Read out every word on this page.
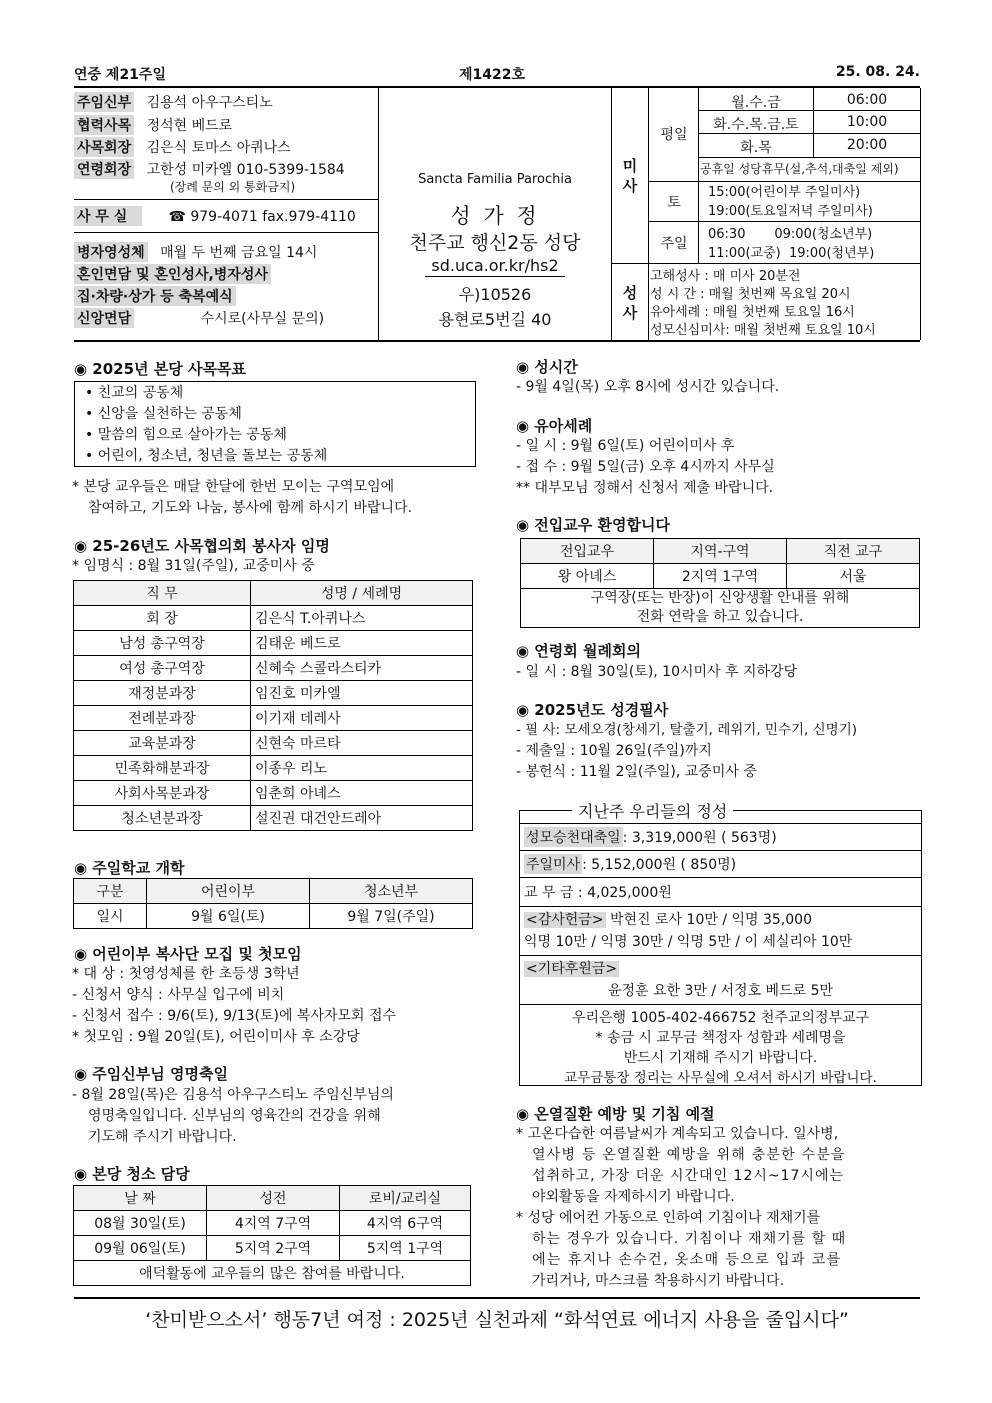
연중 제21주일	제1422호	25. 08. 24.
주임신부 김용석 아우구스티노
협력사목 정석현 베드로
사목회장 김은식 토마스 아퀴나스
연령회장 고한성 미카엘 010-5399-1584
(장례 문의 외 통화금지)
사 무 실	☎ 979-4071 fax.979-4110
병자영성체 매월 두 번째 금요일 14시
혼인면담 및 혼인성사,병자성사
집·차량·상가 등 축복예식
신앙면담	수시로(사무실 문의)
Sancta Familia Parochia
성 가 정
천주교 행신2동 성당
sd.uca.or.kr/hs2
우)10526
용현로5번길 40
미 사
평일
월.수.금	06:00
화.수.목.금.토	10:00
화.목	20:00
공휴일 성당휴무(설,추석,대축일 제외)
토
15:00(어린이부 주일미사)
19:00(토요일저녁 주일미사)
주일
06:30       09:00(청소년부)
11:00(교중)  19:00(청년부)
성 사
고해성사 : 매 미사 20분전
성 시 간 : 매월 첫번째 목요일 20시
유아세례 : 매월 첫번째 토요일 16시
성모신심미사: 매월 첫번째 토요일 10시
◉ 2025년 본당 사목목표
• 친교의 공동체
• 신앙을 실천하는 공동체
• 말씀의 힘으로 살아가는 공동체
• 어린이, 청소년, 청년을 돌보는 공동체
* 본당 교우들은 매달 한달에 한번 모이는 구역모임에
참여하고, 기도와 나눔, 봉사에 함께 하시기 바랍니다.
◉ 25-26년도 사목협의회 봉사자 임명
* 임명식 : 8월 31일(주일), 교중미사 중
직 무	성명 / 세례명
회 장	김은식 T.아퀴나스
남성 총구역장	김태운 베드로
여성 총구역장	신혜숙 스콜라스티카
재정분과장	임진호 미카엘
전례분과장	이기재 데레사
교육분과장	신현숙 마르타
민족화해분과장	이종우 리노
사회사목분과장	임춘희 아녜스
청소년분과장	설진권 대건안드레아
◉ 주일학교 개학
구분	어린이부	청소년부
일시	9월 6일(토)	9월 7일(주일)
◉ 어린이부 복사단 모집 및 첫모임
* 대 상 : 첫영성체를 한 초등생 3학년
- 신청서 양식 : 사무실 입구에 비치
- 신청서 접수 : 9/6(토), 9/13(토)에 복사자모회 접수
* 첫모임 : 9월 20일(토), 어린이미사 후 소강당
◉ 주임신부님 영명축일
- 8월 28일(목)은 김용석 아우구스티노 주임신부님의
영명축일입니다. 신부님의 영육간의 건강을 위해
기도해 주시기 바랍니다.
◉ 본당 청소 담당
날 짜	성전	로비/교리실
08월 30일(토)	4지역 7구역	4지역 6구역
09월 06일(토)	5지역 2구역	5지역 1구역
애덕활동에 교우들의 많은 참여를 바랍니다.		
◉ 성시간
- 9월 4일(목) 오후 8시에 성시간 있습니다.
◉ 유아세례
- 일 시 : 9월 6일(토) 어린이미사 후
- 접 수 : 9월 5일(금) 오후 4시까지 사무실
** 대부모님 정해서 신청서 제출 바랍니다.
◉ 전입교우 환영합니다
전입교우	지역-구역	직전 교구
왕 아녜스	2지역 1구역	서울

구역장(또는 반장)이 신앙생활 안내를 위해
전화 연락을 하고 있습니다.		
◉ 연령회 월례회의
- 일 시 : 8월 30일(토), 10시미사 후 지하강당
◉ 2025년도 성경필사
- 필 사: 모세오경(창세기, 탈출기, 레위기, 민수기, 신명기)
- 제출일 : 10월 26일(주일)까지
- 봉헌식 : 11월 2일(주일), 교중미사 중
지난주 우리들의 정성
성모승천대축일 : 3,319,000원 ( 563명)
주일미사 : 5,152,000원 ( 850명)
교 무 금 : 4,025,000원
<감사헌금> 박현진 로사 10만 / 익명 35,000
익명 10만 / 익명 30만 / 익명 5만 / 이 세실리아 10만
<기타후원금>
윤정훈 요한 3만 / 서정호 베드로 5만
우리은행 1005-402-466752 천주교의정부교구
* 송금 시 교무금 책정자 성함과 세례명을
반드시 기재해 주시기 바랍니다.
교무금통장 정리는 사무실에 오셔서 하시기 바랍니다.
◉ 온열질환 예방 및 기침 예절
* 고온다습한 여름날씨가 계속되고 있습니다. 일사병,
열사병 등 온열질환 예방을 위해 충분한 수분을
섭취하고, 가장 더운 시간대인 12시~17시에는
야외활동을 자제하시기 바랍니다.
* 성당 에어컨 가동으로 인하여 기침이나 재채기를
하는 경우가 있습니다. 기침이나 재채기를 할 때
에는 휴지나 손수건, 옷소매 등으로 입과 코를
가리거나, 마스크를 착용하시기 바랍니다.
‘찬미받으소서’ 행동7년 여정 : 2025년 실천과제 “화석연료 에너지 사용을 줄입시다”
